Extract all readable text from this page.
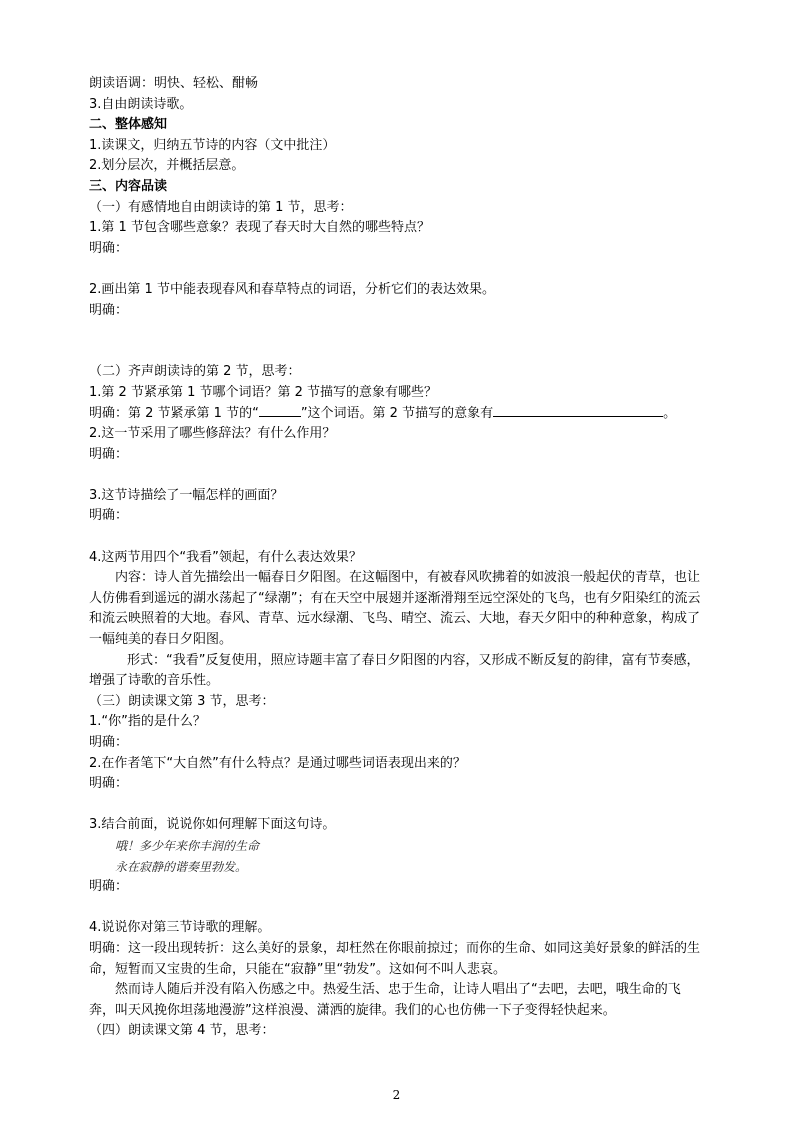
朗读语调：明快、轻松、酣畅
3.自由朗读诗歌。
二、整体感知
1.读课文，归纳五节诗的内容（文中批注）
2.划分层次，并概括层意。
三、内容品读
（一）有感情地自由朗读诗的第 1 节，思考：
1.第 1 节包含哪些意象？表现了春天时大自然的哪些特点？
明确：
2.画出第 1 节中能表现春风和春草特点的词语，分析它们的表达效果。
明确：
（二）齐声朗读诗的第 2 节，思考：
1.第 2 节紧承第 1 节哪个词语？第 2 节描写的意象有哪些？
明确：第 2 节紧承第 1 节的“	”这个词语。第 2 节描写的意象有	。
2.这一节采用了哪些修辞法？有什么作用？
明确：
3.这节诗描绘了一幅怎样的画面？
明确：
4.这两节用四个“我看”领起，有什么表达效果？
内容：诗人首先描绘出一幅春日夕阳图。在这幅图中，有被春风吹拂着的如波浪一般起伏的青草，也让人仿佛看到遥远的湖水荡起了“绿潮”；有在天空中展翅并逐渐滑翔至远空深处的飞鸟，也有夕阳染红的流云和流云映照着的大地。春风、青草、远水绿潮、飞鸟、晴空、流云、大地，春天夕阳中的种种意象，构成了一幅纯美的春日夕阳图。
形式：“我看”反复使用，照应诗题丰富了春日夕阳图的内容，又形成不断反复的韵律，富有节奏感，增强了诗歌的音乐性。
（三）朗读课文第 3 节，思考：
1.“你”指的是什么？
明确：
2.在作者笔下“大自然”有什么特点？是通过哪些词语表现出来的？
明确：
3.结合前面，说说你如何理解下面这句诗。
哦！多少年来你丰润的生命
永在寂静的谐奏里勃发。
明确：
4.说说你对第三节诗歌的理解。
明确：这一段出现转折：这么美好的景象，却枉然在你眼前掠过；而你的生命、如同这美好景象的鲜活的生命，短暂而又宝贵的生命，只能在“寂静”里“勃发”。这如何不叫人悲哀。
然而诗人随后并没有陷入伤感之中。热爱生活、忠于生命，让诗人唱出了“去吧，去吧，哦生命的飞奔，叫天风挽你坦荡地漫游”这样浪漫、潇洒的旋律。我们的心也仿佛一下子变得轻快起来。
（四）朗读课文第 4 节，思考：
2
